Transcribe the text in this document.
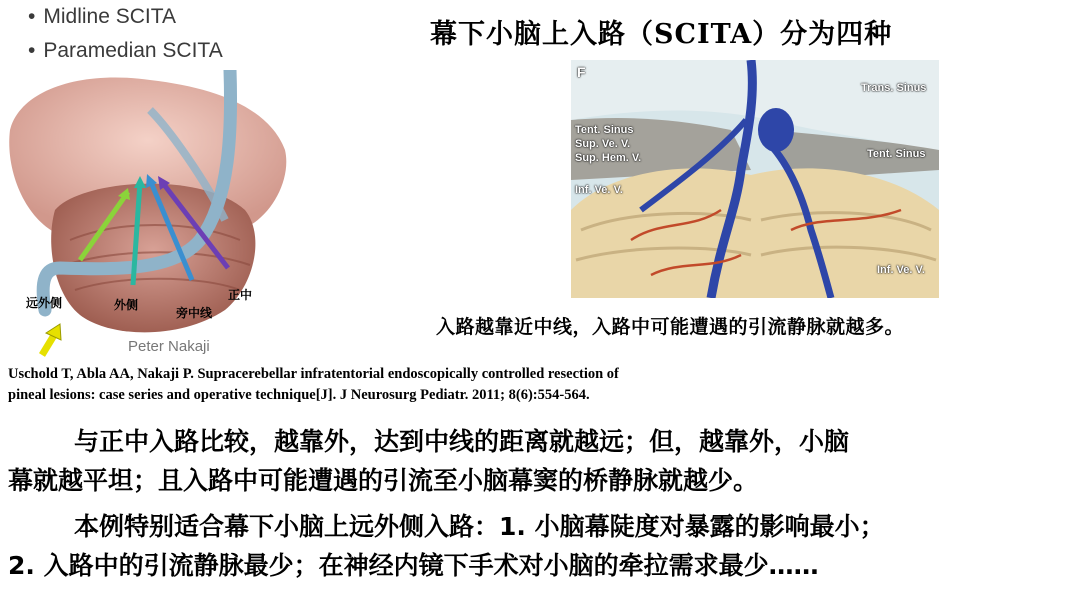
• Midline SCITA
• Paramedian SCITA
幕下小脑上入路（SCITA）分为四种
远外侧	外侧
旁中线
正中
Peter Nakaji
F
Trans. Sinus
Tent. Sinus
Sup. Ve. V.
Sup. Hem. V.	Tent. Sinus
Inf. Ve. V.
Inf. Ve. V.
入路越靠近中线，入路中可能遭遇的引流静脉就越多。
Uschold T, Abla AA, Nakaji P. Supracerebellar infratentorial endoscopically controlled resection of
pineal lesions: case series and operative technique[J]. J Neurosurg Pediatr. 2011; 8(6):554-564.
与正中入路比较，越靠外，达到中线的距离就越远；但，越靠外，小脑
幕就越平坦；且入路中可能遭遇的引流至小脑幕窦的桥静脉就越少。
本例特别适合幕下小脑上远外侧入路：1. 小脑幕陡度对暴露的影响最小；
2. 入路中的引流静脉最少；在神经内镜下手术对小脑的牵拉需求最少……
